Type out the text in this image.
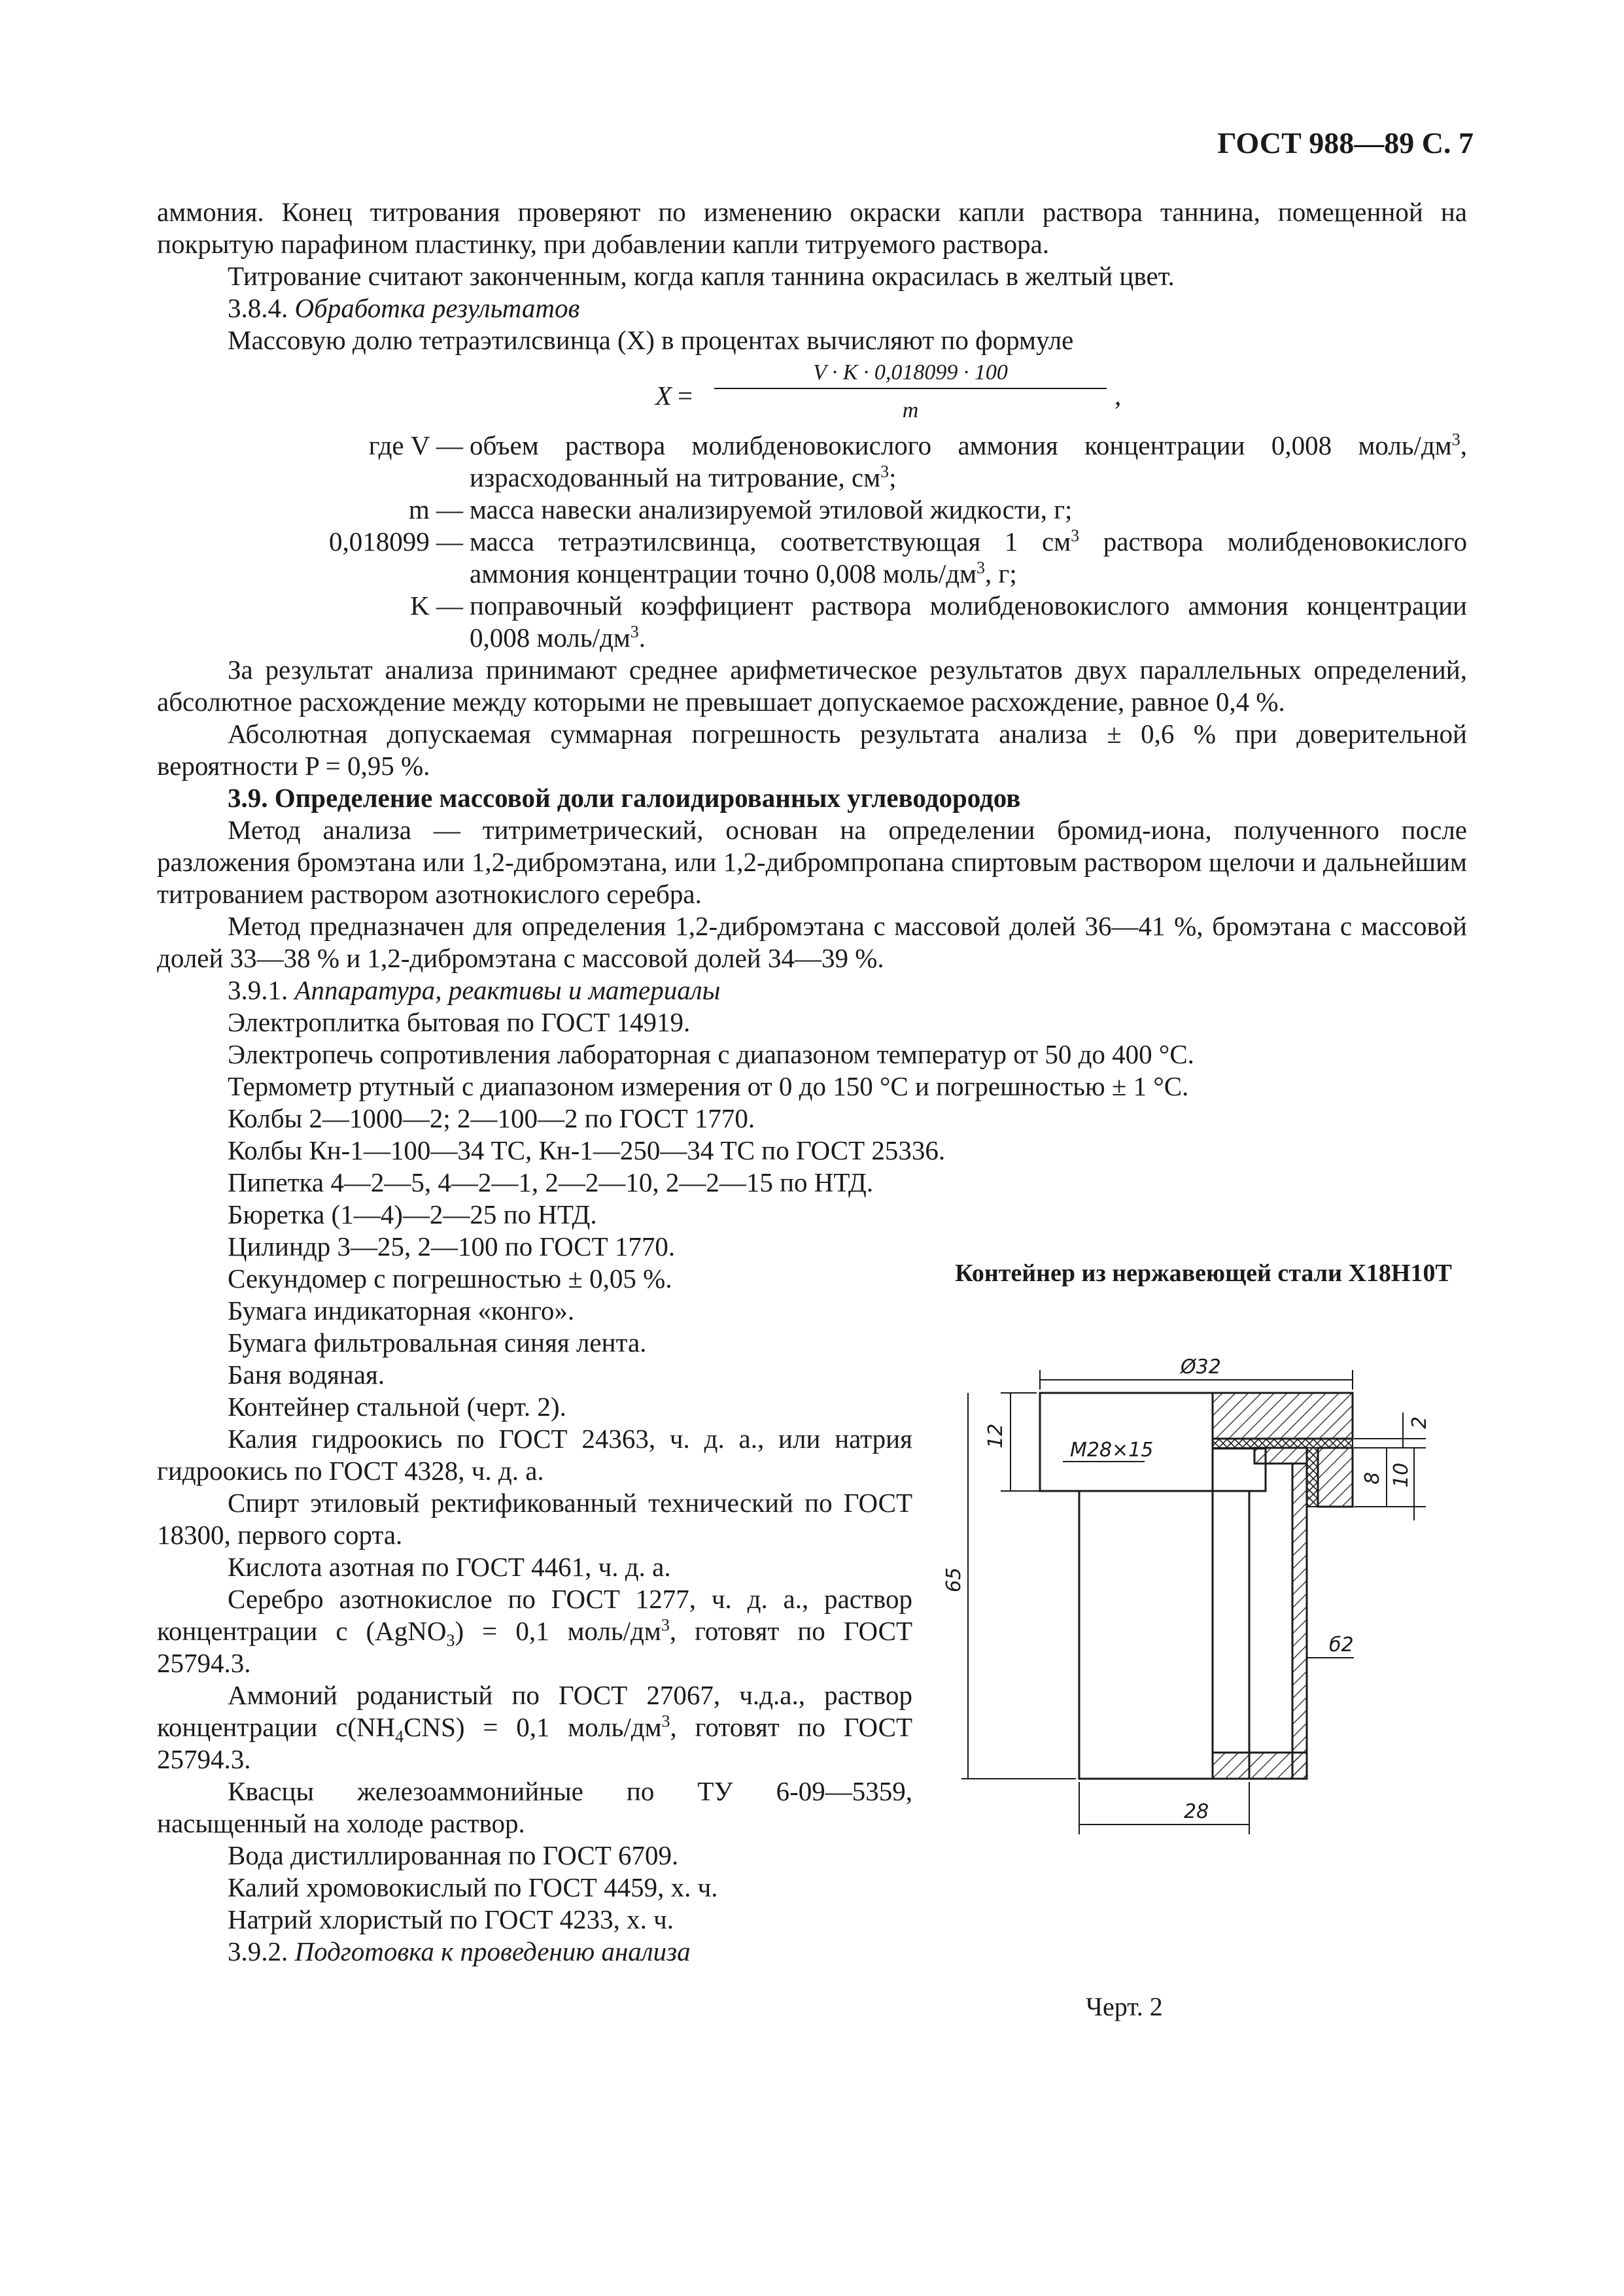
ГОСТ 988—89 С. 7

аммония. Конец титрования проверяют по изменению окраски капли раствора таннина, помещенной на покрытую парафином пластинку, при добавлении капли титруемого раствора.

Титрование считают законченным, когда капля таннина окрасилась в желтый цвет.

3.8.4. Обработка результатов

Массовую долю тетраэтилсвинца (X) в процентах вычисляют по формуле

X =
V · K · 0,018099 · 100
m	,
где V — объем раствора молибденовокислого аммония концентрации 0,008 моль/$дм^3$, израсходованный на титрование, $см^3$;
m — масса навески анализируемой этиловой жидкости, г;
0,018099 — масса тетраэтилсвинца, соответствующая 1 $см^3$ раствора молибденовокислого аммония концентрации точно 0,008 моль/$дм^3$, г;
K — поправочный коэффициент раствора молибденовокислого аммония концентрации 0,008 моль/$дм^3$.

За результат анализа принимают среднее арифметическое результатов двух параллельных определений, абсолютное расхождение между которыми не превышает допускаемое расхождение, равное 0,4 %.

Абсолютная допускаемая суммарная погрешность результата анализа ± 0,6 % при доверительной вероятности P = 0,95 %.

3.9. Определение массовой доли галоидированных углеводородов

Метод анализа — титриметрический, основан на определении бромид-иона, полученного после разложения бромэтана или 1,2-дибромэтана, или 1,2-дибромпропана спиртовым раствором щелочи и дальнейшим титрованием раствором азотнокислого серебра.

Метод предназначен для определения 1,2-дибромэтана с массовой долей 36—41 %, бромэтана с массовой долей 33—38 % и 1,2-дибромэтана с массовой долей 34—39 %.

3.9.1. Аппаратура, реактивы и материалы

Электроплитка бытовая по ГОСТ 14919.

Электропечь сопротивления лабораторная с диапазоном температур от 50 до 400 °С.

Термометр ртутный с диапазоном измерения от 0 до 150 °С и погрешностью ± 1 °С.

Колбы 2—1000—2; 2—100—2 по ГОСТ 1770.

Колбы Кн-1—100—34 ТС, Кн-1—250—34 ТС по ГОСТ 25336.

Пипетка 4—2—5, 4—2—1, 2—2—10, 2—2—15 по НТД.

Бюретка (1—4)—2—25 по НТД.

Цилиндр 3—25, 2—100 по ГОСТ 1770.

Секундомер с погрешностью ± 0,05 %.

Бумага индикаторная «конго».

Бумага фильтровальная синяя лента.

Баня водяная.

Контейнер стальной (черт. 2).

Калия гидроокись по ГОСТ 24363, ч. д. а., или натрия гидроокись по ГОСТ 4328, ч. д. а.

Спирт этиловый ректификованный технический по ГОСТ 18300, первого сорта.

Кислота азотная по ГОСТ 4461, ч. д. а.

Серебро азотнокислое по ГОСТ 1277, ч. д. а., раствор концентрации c (AgNO$_3$) = 0,1 моль/$дм^3$, готовят по ГОСТ 25794.3.

Аммоний роданистый по ГОСТ 27067, ч.д.а., раствор концентрации $c(NH_4CNS) = 0,1$ моль/$дм^3$, готовят по ГОСТ 25794.3.

Квасцы железоаммонийные по ТУ 6-09—5359, насыщенный на холоде раствор.

Вода дистиллированная по ГОСТ 6709.

Калий хромовокислый по ГОСТ 4459, х. ч.

Натрий хлористый по ГОСТ 4233, х. ч.

3.9.2. Подготовка к проведению анализа

Контейнер из нержавеющей стали Х18Н10Т
Ø32
2
12
М28×15
8 10
65
б2
28
Черт. 2
